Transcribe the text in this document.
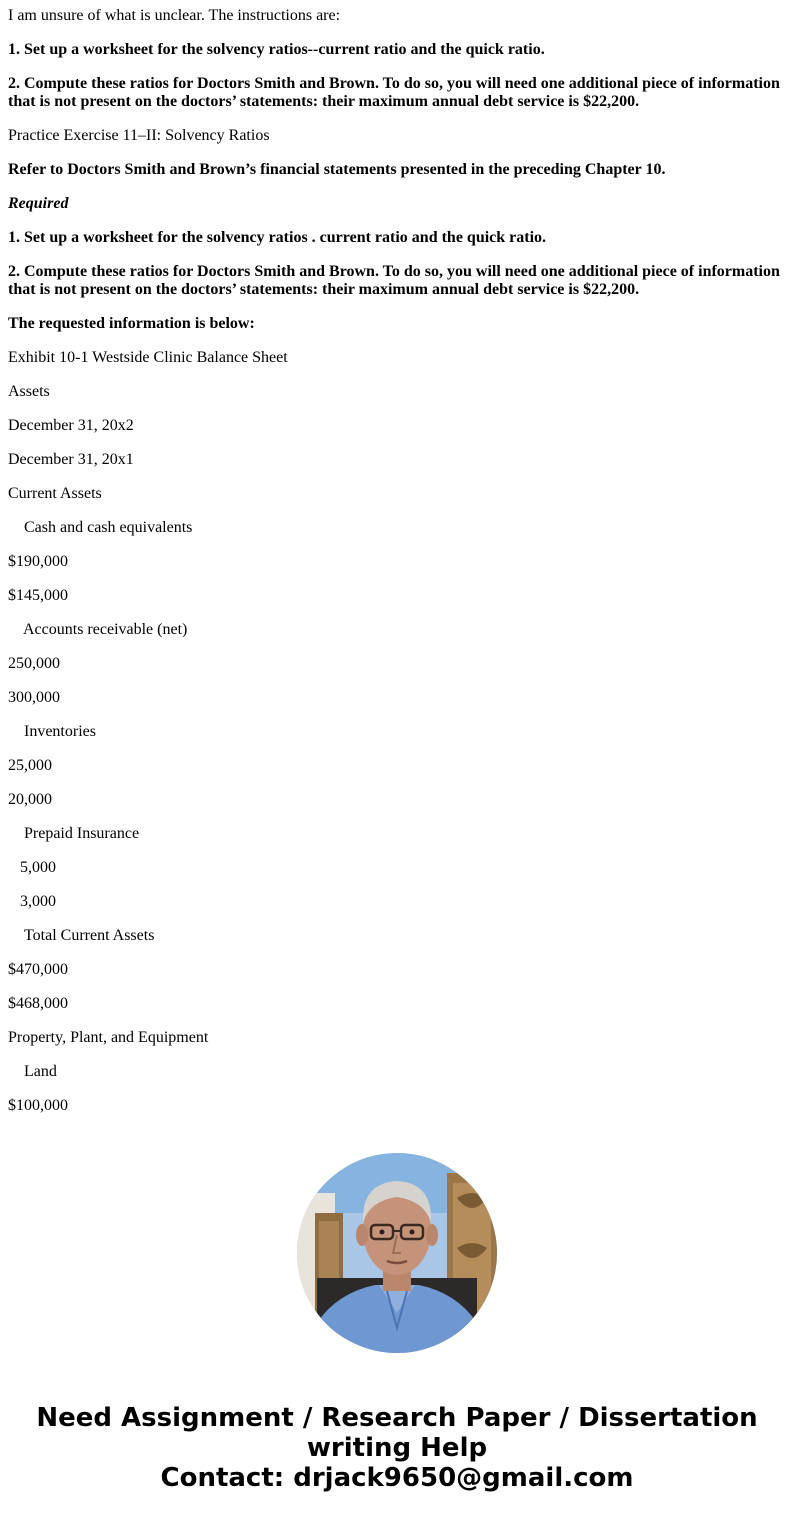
I am unsure of what is unclear. The instructions are:

1. Set up a worksheet for the solvency ratios--current ratio and the quick ratio.

2. Compute these ratios for Doctors Smith and Brown. To do so, you will need one additional piece of information that is not present on the doctors’ statements: their maximum annual debt service is $22,200.

Practice Exercise 11–II: Solvency Ratios

Refer to Doctors Smith and Brown’s financial statements presented in the preceding Chapter 10.

Required

1. Set up a worksheet for the solvency ratios . current ratio and the quick ratio.

2. Compute these ratios for Doctors Smith and Brown. To do so, you will need one additional piece of information that is not present on the doctors’ statements: their maximum annual debt service is $22,200.

The requested information is below:

Exhibit 10-1 Westside Clinic Balance Sheet

Assets

December 31, 20x2

December 31, 20x1

Current Assets

Cash and cash equivalents

$190,000

$145,000

Accounts receivable (net)

250,000

300,000

Inventories

25,000

20,000

Prepaid Insurance

5,000

3,000

Total Current Assets

$470,000

$468,000

Property, Plant, and Equipment

Land

$100,000

Need Assignment / Research Paper / Dissertation
writing Help
Contact: drjack9650@gmail.com
